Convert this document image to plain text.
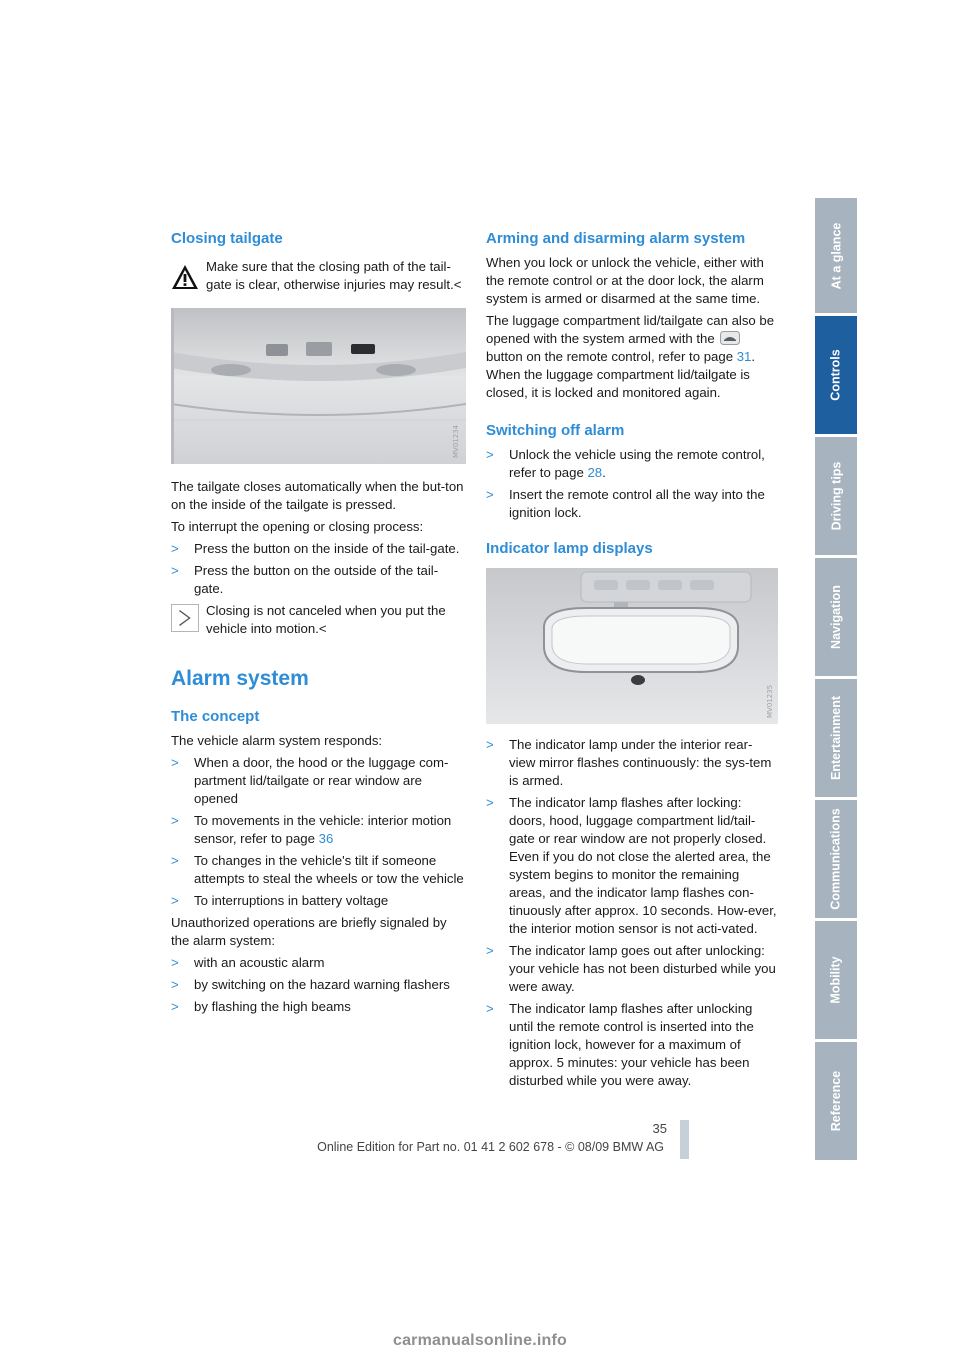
Closing tailgate
Make sure that the closing path of the tail-gate is clear, otherwise injuries may result.<
MV01234

The tailgate closes automatically when the but-ton on the inside of the tailgate is pressed.

To interrupt the opening or closing process:

> Press the button on the inside of the tail-gate.
> Press the button on the outside of the tail-gate.
Closing is not canceled when you put the vehicle into motion.<
Alarm system
The concept

The vehicle alarm system responds:

> When a door, the hood or the luggage com-partment lid/tailgate or rear window are opened
> To movements in the vehicle: interior motion sensor, refer to page 36
> To changes in the vehicle's tilt if someone attempts to steal the wheels or tow the vehicle
> To interruptions in battery voltage

Unauthorized operations are briefly signaled by the alarm system:

> with an acoustic alarm
> by switching on the hazard warning flashers
> by flashing the high beams
Arming and disarming alarm system

When you lock or unlock the vehicle, either with the remote control or at the door lock, the alarm system is armed or disarmed at the same time.

The luggage compartment lid/tailgate can also be opened with the system armed with the  button on the remote control, refer to page 31. When the luggage compartment lid/tailgate is closed, it is locked and monitored again.

Switching off alarm
> Unlock the vehicle using the remote control, refer to page 28.
> Insert the remote control all the way into the ignition lock.
Indicator lamp displays
MV01235
> The indicator lamp under the interior rear-view mirror flashes continuously: the sys-tem is armed.
> The indicator lamp flashes after locking: doors, hood, luggage compartment lid/tail-gate or rear window are not properly closed. Even if you do not close the alerted area, the system begins to monitor the remaining areas, and the indicator lamp flashes con-tinuously after approx. 10 seconds. How-ever, the interior motion sensor is not acti-vated.
> The indicator lamp goes out after unlocking: your vehicle has not been disturbed while you were away.
> The indicator lamp flashes after unlocking until the remote control is inserted into the ignition lock, however for a maximum of approx. 5 minutes: your vehicle has been disturbed while you were away.
At a glance
Controls
Driving tips
Navigation
Entertainment
Communications
Mobility
Reference
35
Online Edition for Part no. 01 41 2 602 678 - © 08/09 BMW AG
carmanualsonline.info
